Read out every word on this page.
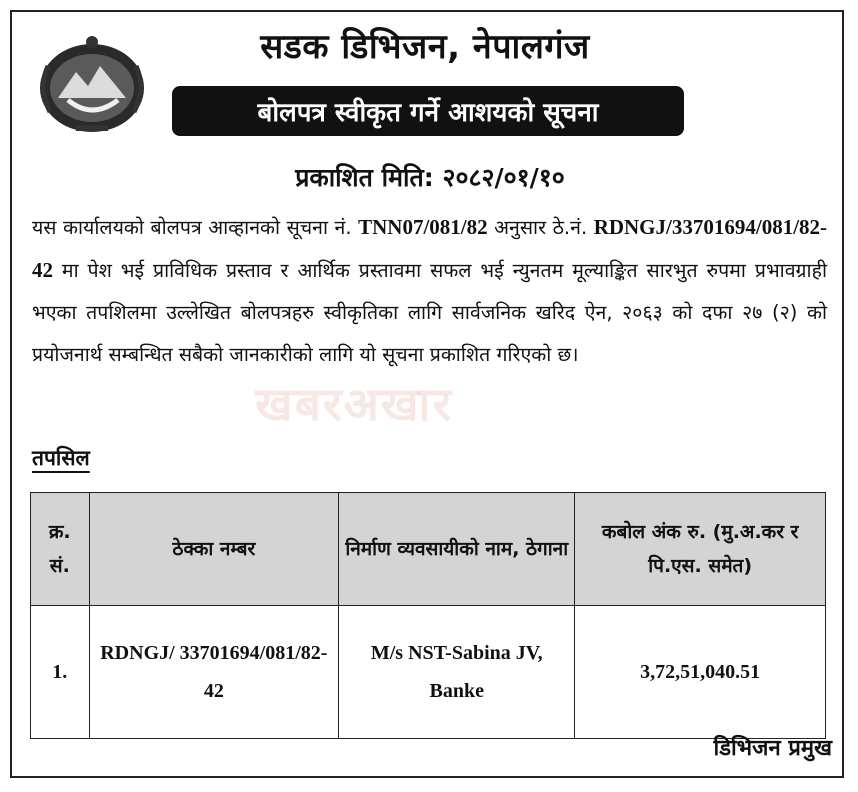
सडक डिभिजन, नेपालगंज
बोलपत्र स्वीकृत गर्ने आशयको सूचना
प्रकाशित मिति: २०८२/०१/१०
यस कार्यालयको बोलपत्र आव्हानको सूचना नं. TNN07/081/82 अनुसार ठे.नं. RDNGJ/33701694/081/82-42 मा पेश भई प्राविधिक प्रस्ताव र आर्थिक प्रस्तावमा सफल भई न्युनतम मूल्याङ्कित सारभुत रुपमा प्रभावग्राही भएका तपशिलमा उल्लेखित बोलपत्रहरु स्वीकृतिका लागि सार्वजनिक खरिद ऐन, २०६३ को दफा २७ (२) को प्रयोजनार्थ सम्बन्धित सबैको जानकारीको लागि यो सूचना प्रकाशित गरिएको छ।
खबरअखार
तपसिल
क्र. सं.	ठेक्का नम्बर	निर्माण व्यवसायीको नाम, ठेगाना	कबोल अंक रु. (मु.अ.कर र पि.एस. समेत)
1.	RDNGJ/ 33701694/081/82-42	M/s NST-Sabina JV, Banke	3,72,51,040.51
डिभिजन प्रमुख
